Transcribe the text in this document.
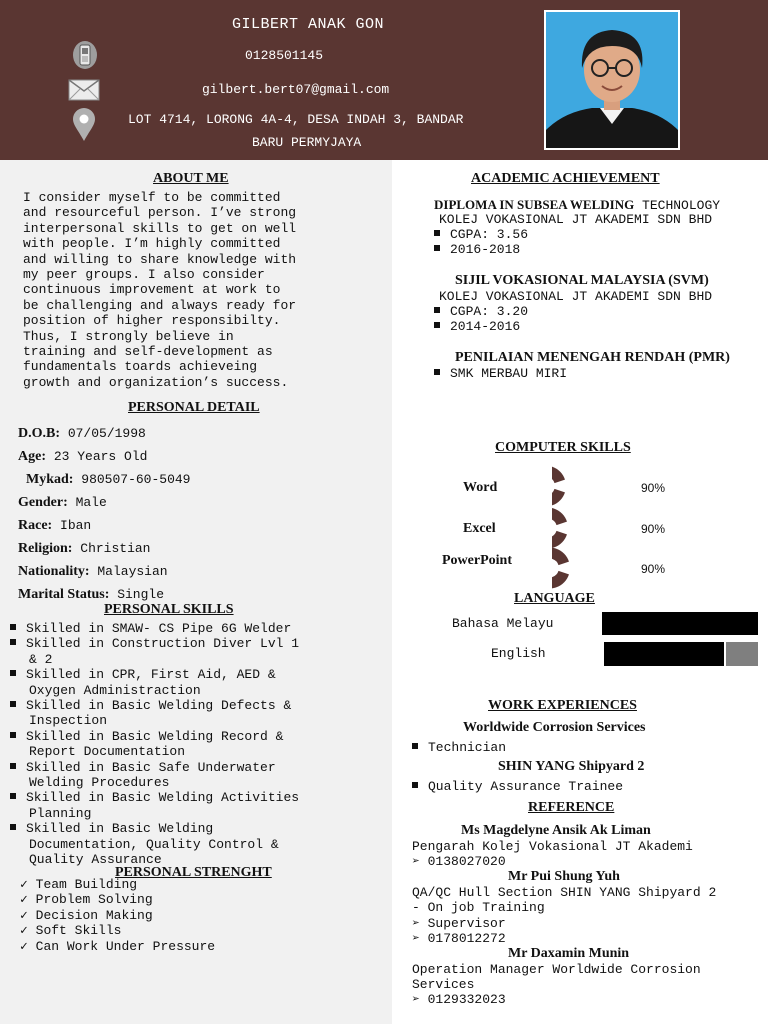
GILBERT ANAK GON
0128501145
gilbert.bert07@gmail.com
LOT 4714, LORONG 4A-4, DESA INDAH 3, BANDAR
BARU PERMYJAYA
ABOUT ME
I consider myself to be committed
and resourceful person. I’ve strong
interpersonal skills to get on well
with people. I’m highly committed
and willing to share knowledge with
my peer groups. I also consider
continuous improvement at work to
be challenging and always ready for
position of higher responsibilty.
Thus, I strongly believe in
training and self-development as
fundamentals toards achieveing
growth and organization’s success.
PERSONAL DETAIL
D.O.B: 07/05/1998
Age: 23 Years Old
Mykad: 980507-60-5049
Gender: Male
Race: Iban
Religion: Christian
Nationality: Malaysian
Marital Status: Single
PERSONAL SKILLS
Skilled in SMAW- CS Pipe 6G Welder
Skilled in Construction Diver Lvl 1
& 2
Skilled in CPR, First Aid, AED &
Oxygen Administraction
Skilled in Basic Welding Defects &
Inspection
Skilled in Basic Welding Record &
Report Documentation
Skilled in Basic Safe Underwater
Welding Procedures
Skilled in Basic Welding Activities
Planning
Skilled in Basic Welding
Documentation, Quality Control &
Quality Assurance
PERSONAL STRENGHT
✓ Team Building
✓ Problem Solving
✓ Decision Making
✓ Soft Skills
✓ Can Work Under Pressure
ACADEMIC ACHIEVEMENT
DIPLOMA IN SUBSEA WELDING TECHNOLOGY
KOLEJ VOKASIONAL JT AKADEMI SDN BHD
CGPA: 3.56
2016-2018
SIJIL VOKASIONAL MALAYSIA (SVM)
KOLEJ VOKASIONAL JT AKADEMI SDN BHD
CGPA: 3.20
2014-2016
PENILAIAN MENENGAH RENDAH (PMR)
SMK MERBAU MIRI
COMPUTER SKILLS
Word
Excel
PowerPoint
90%
90%
90%
LANGUAGE
Bahasa Melayu
English
WORK EXPERIENCES
Worldwide Corrosion Services
Technician
SHIN YANG Shipyard 2
Quality Assurance Trainee
REFERENCE
Ms Magdelyne Ansik Ak Liman
Pengarah Kolej Vokasional JT Akademi
➢ 0138027020
Mr Pui Shung Yuh
QA/QC Hull Section SHIN YANG Shipyard 2
- On job Training
➢ Supervisor
➢ 0178012272
Mr Daxamin Munin
Operation Manager Worldwide Corrosion
Services
➢ 0129332023
